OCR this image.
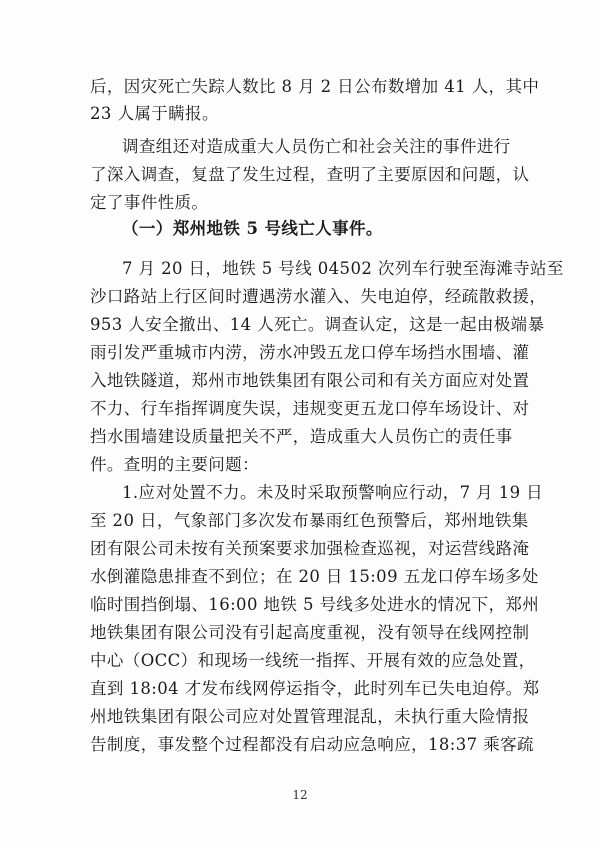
后，因灾死亡失踪人数比 8 月 2 日公布数增加 41 人，其中
23 人属于瞒报。
调查组还对造成重大人员伤亡和社会关注的事件进行
了深入调查，复盘了发生过程，查明了主要原因和问题，认
定了事件性质。
（一）郑州地铁 5 号线亡人事件。
7 月 20 日，地铁 5 号线 04502 次列车行驶至海滩寺站至
沙口路站上行区间时遭遇涝水灌入、失电迫停，经疏散救援，
953 人安全撤出、14 人死亡。调查认定，这是一起由极端暴
雨引发严重城市内涝，涝水冲毁五龙口停车场挡水围墙、灌
入地铁隧道，郑州市地铁集团有限公司和有关方面应对处置
不力、行车指挥调度失误，违规变更五龙口停车场设计、对
挡水围墙建设质量把关不严，造成重大人员伤亡的责任事
件。查明的主要问题：
1.应对处置不力。未及时采取预警响应行动，7 月 19 日
至 20 日，气象部门多次发布暴雨红色预警后，郑州地铁集
团有限公司未按有关预案要求加强检查巡视，对运营线路淹
水倒灌隐患排查不到位；在 20 日 15:09 五龙口停车场多处
临时围挡倒塌、16:00 地铁 5 号线多处进水的情况下，郑州
地铁集团有限公司没有引起高度重视，没有领导在线网控制
中心（OCC）和现场一线统一指挥、开展有效的应急处置，
直到 18:04 才发布线网停运指令，此时列车已失电迫停。郑
州地铁集团有限公司应对处置管理混乱，未执行重大险情报
告制度，事发整个过程都没有启动应急响应，18:37 乘客疏
12
